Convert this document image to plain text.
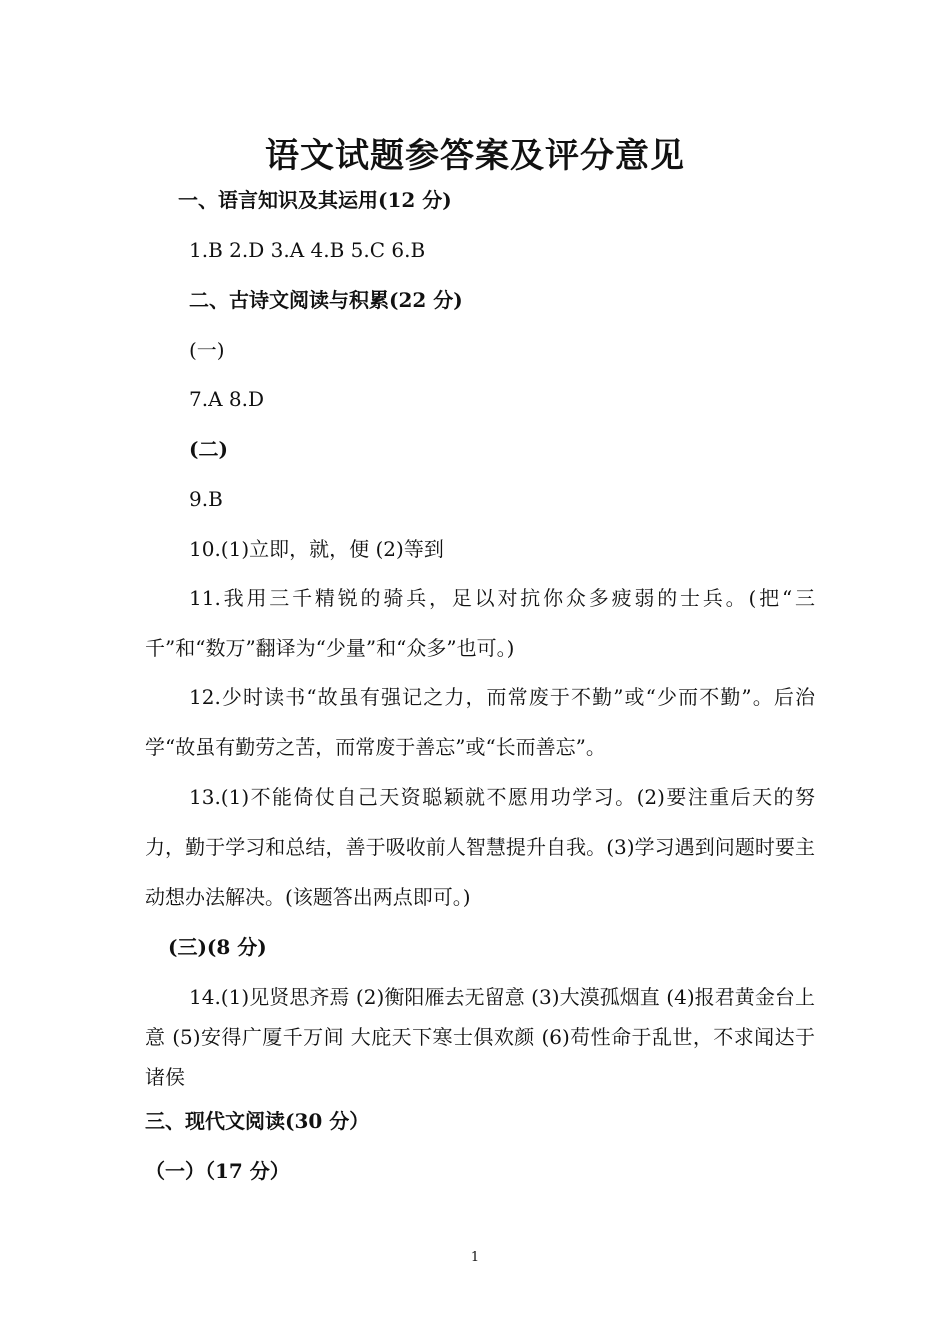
语文试题参答案及评分意见
一、语言知识及其运用(12 分)
1.B 2.D 3.A 4.B 5.C 6.B
二、古诗文阅读与积累(22 分)
(一)
7.A 8.D
(二)
9.B
10.(1)立即，就，便 (2)等到
11.我用三千精锐的骑兵，足以对抗你众多疲弱的士兵。(把“三千”和“数万”翻译为“少量”和“众多”也可。)
12.少时读书“故虽有强记之力，而常废于不勤”或“少而不勤”。后治学“故虽有勤劳之苦，而常废于善忘”或“长而善忘”。
13.(1)不能倚仗自己天资聪颖就不愿用功学习。(2)要注重后天的努力，勤于学习和总结，善于吸收前人智慧提升自我。(3)学习遇到问题时要主动想办法解决。(该题答出两点即可。)
(三)(8 分)
14.(1)见贤思齐焉 (2)衡阳雁去无留意 (3)大漠孤烟直 (4)报君黄金台上意 (5)安得广厦千万间 大庇天下寒士俱欢颜 (6)苟性命于乱世，不求闻达于诸侯
三、现代文阅读(30 分）
（一）（17 分）
1
